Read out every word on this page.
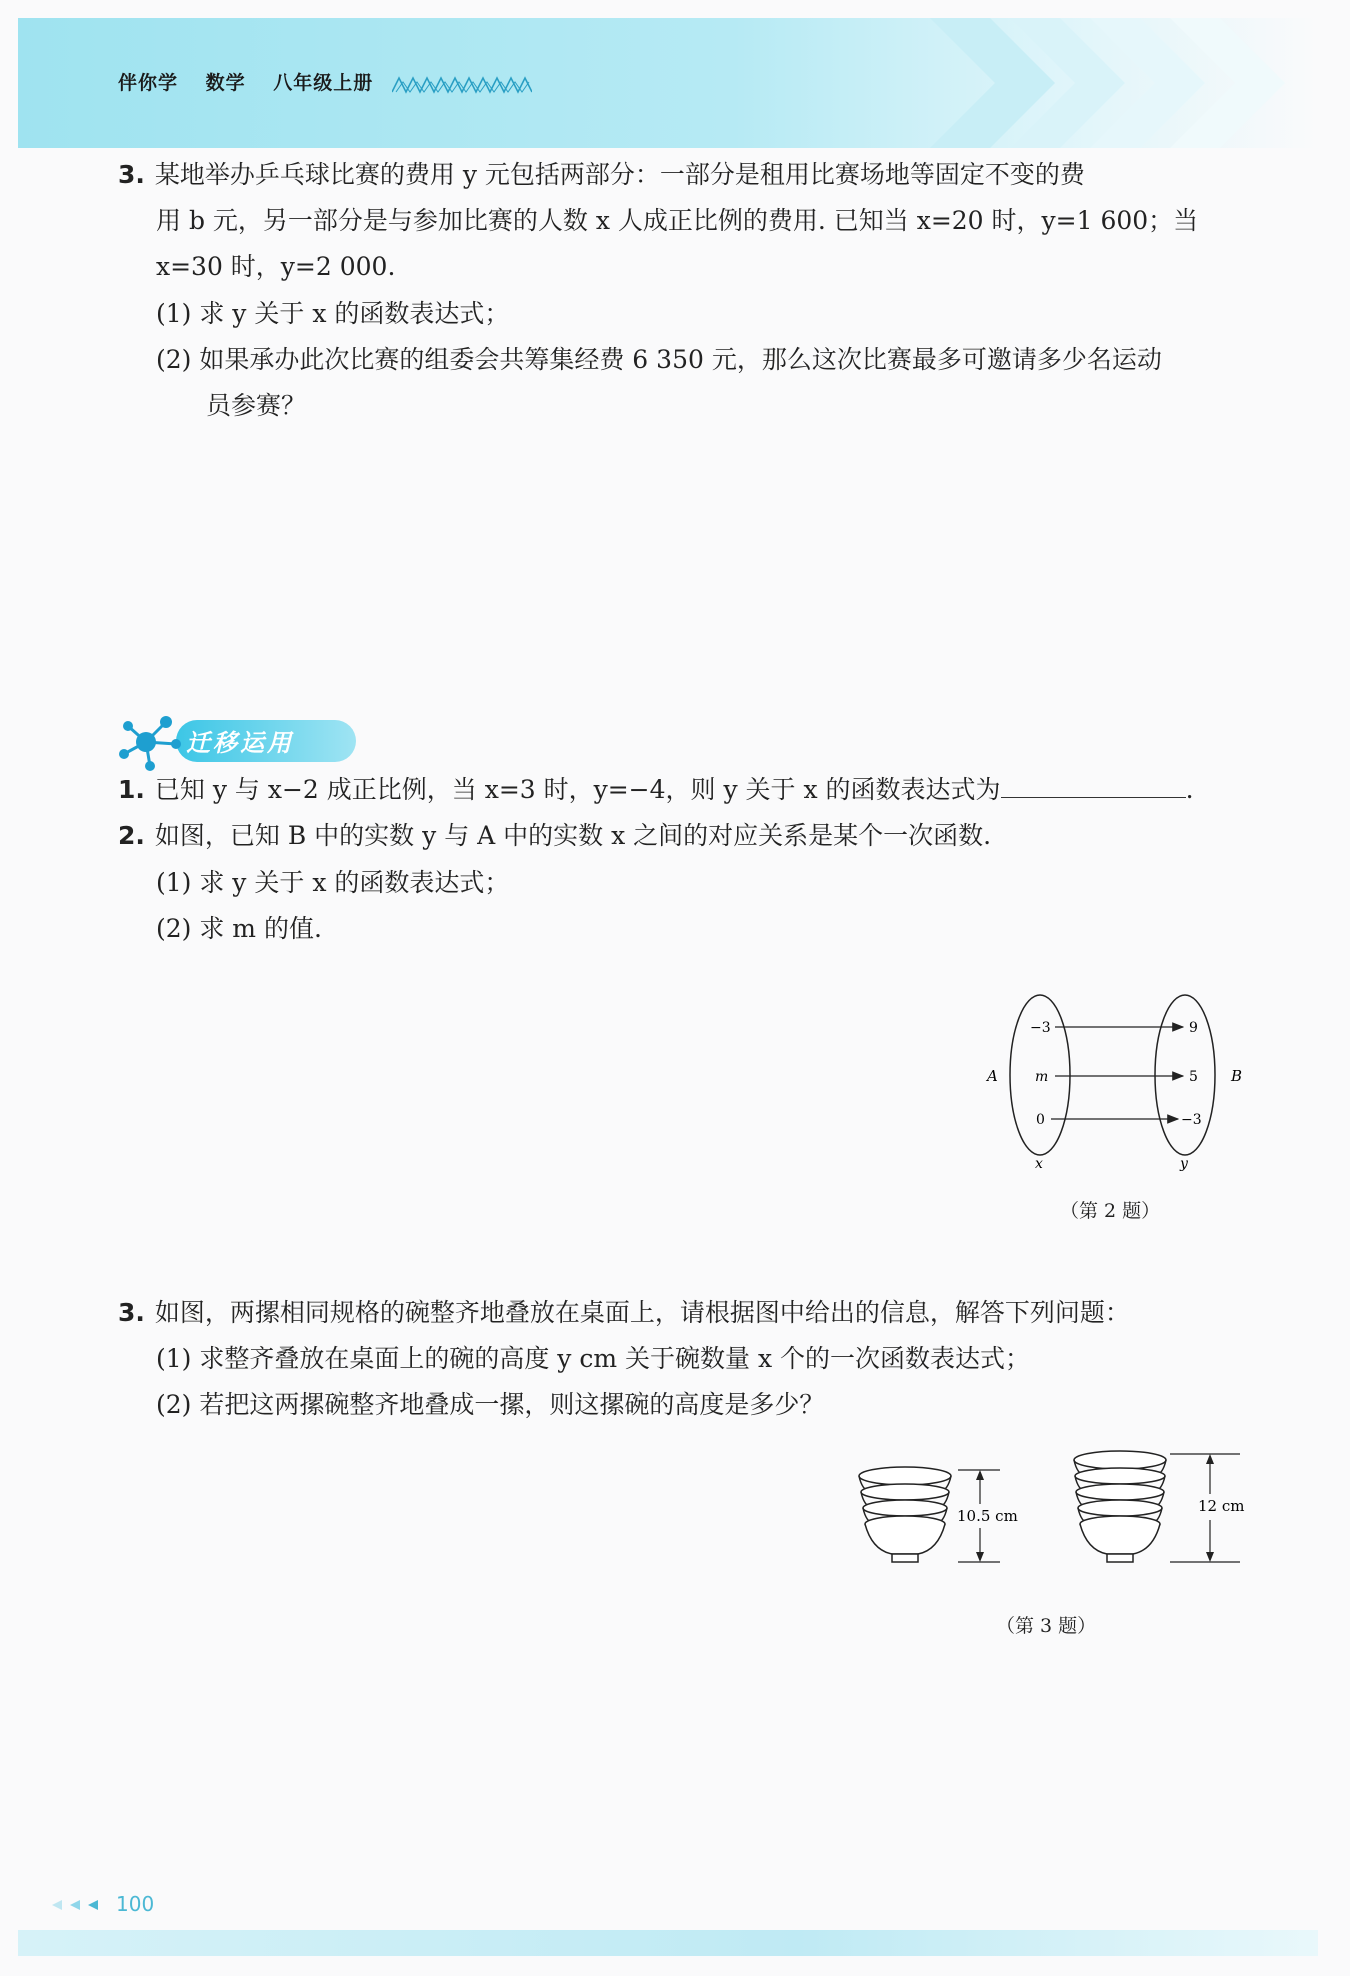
伴你学 数学 八年级上册
3. 某地举办乒乓球比赛的费用 y 元包括两部分：一部分是租用比赛场地等固定不变的费
用 b 元，另一部分是与参加比赛的人数 x 人成正比例的费用. 已知当 x=20 时，y=1 600；当
x=30 时，y=2 000.
(1) 求 y 关于 x 的函数表达式；
(2) 如果承办此次比赛的组委会共筹集经费 6 350 元，那么这次比赛最多可邀请多少名运动
员参赛？
迁移运用
1. 已知 y 与 x−2 成正比例，当 x=3 时，y=−4，则 y 关于 x 的函数表达式为	.
2. 如图，已知 B 中的实数 y 与 A 中的实数 x 之间的对应关系是某个一次函数.
(1) 求 y 关于 x 的函数表达式；
(2) 求 m 的值.
A	B
−3
m
0
9
5
−3
x	y
（第 2 题）
3. 如图，两摞相同规格的碗整齐地叠放在桌面上，请根据图中给出的信息，解答下列问题：
(1) 求整齐叠放在桌面上的碗的高度 y cm 关于碗数量 x 个的一次函数表达式；
(2) 若把这两摞碗整齐地叠成一摞，则这摞碗的高度是多少？
10.5 cm
12 cm
（第 3 题）
100
